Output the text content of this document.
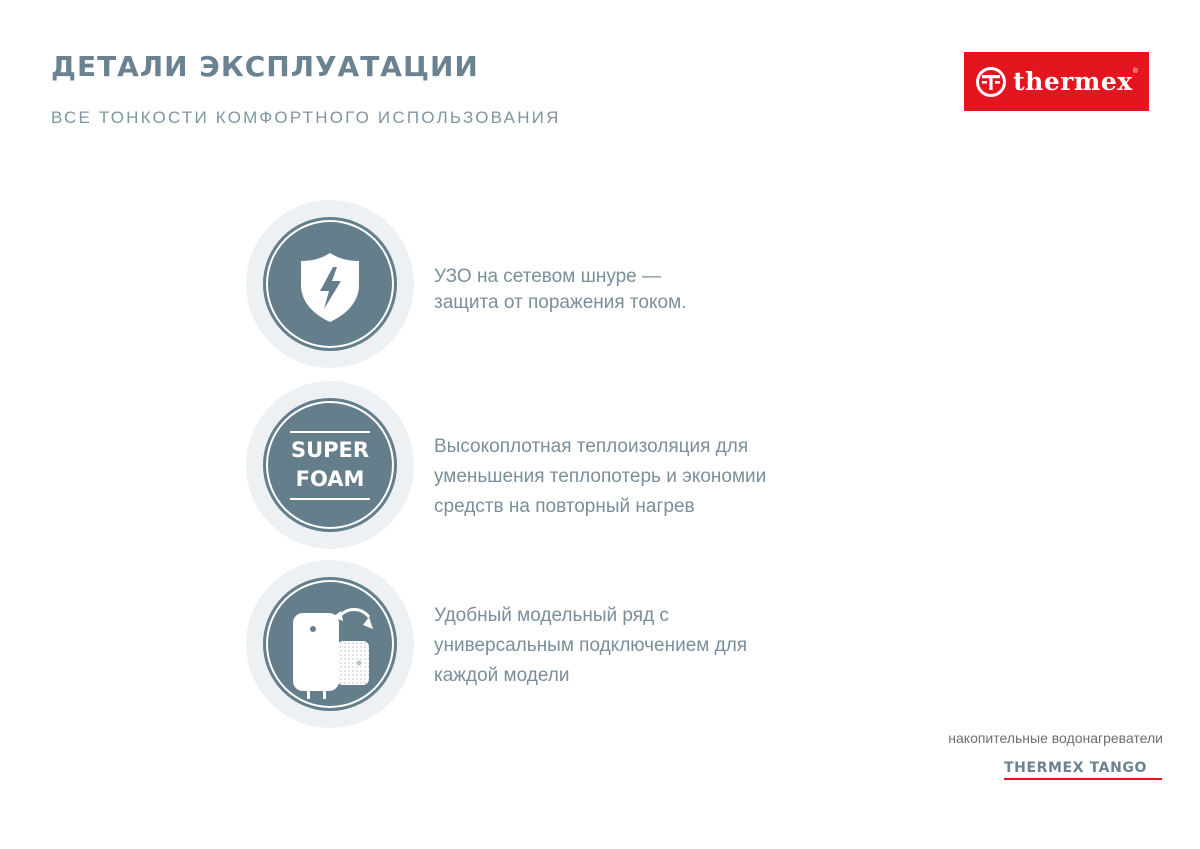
ДЕТАЛИ ЭКСПЛУАТАЦИИ

ВСЕ ТОНКОСТИ КОМФОРТНОГО ИСПОЛЬЗОВАНИЯ

thermex ®
УЗО на сетевом шнуре —
защита от поражения током.
SUPER
FOAM
Высокоплотная теплоизоляция для
уменьшения теплопотерь и экономии
средств на повторный нагрев
Удобный модельный ряд с
универсальным подключением для
каждой модели
накопительные водонагреватели
THERMEX TANGO
